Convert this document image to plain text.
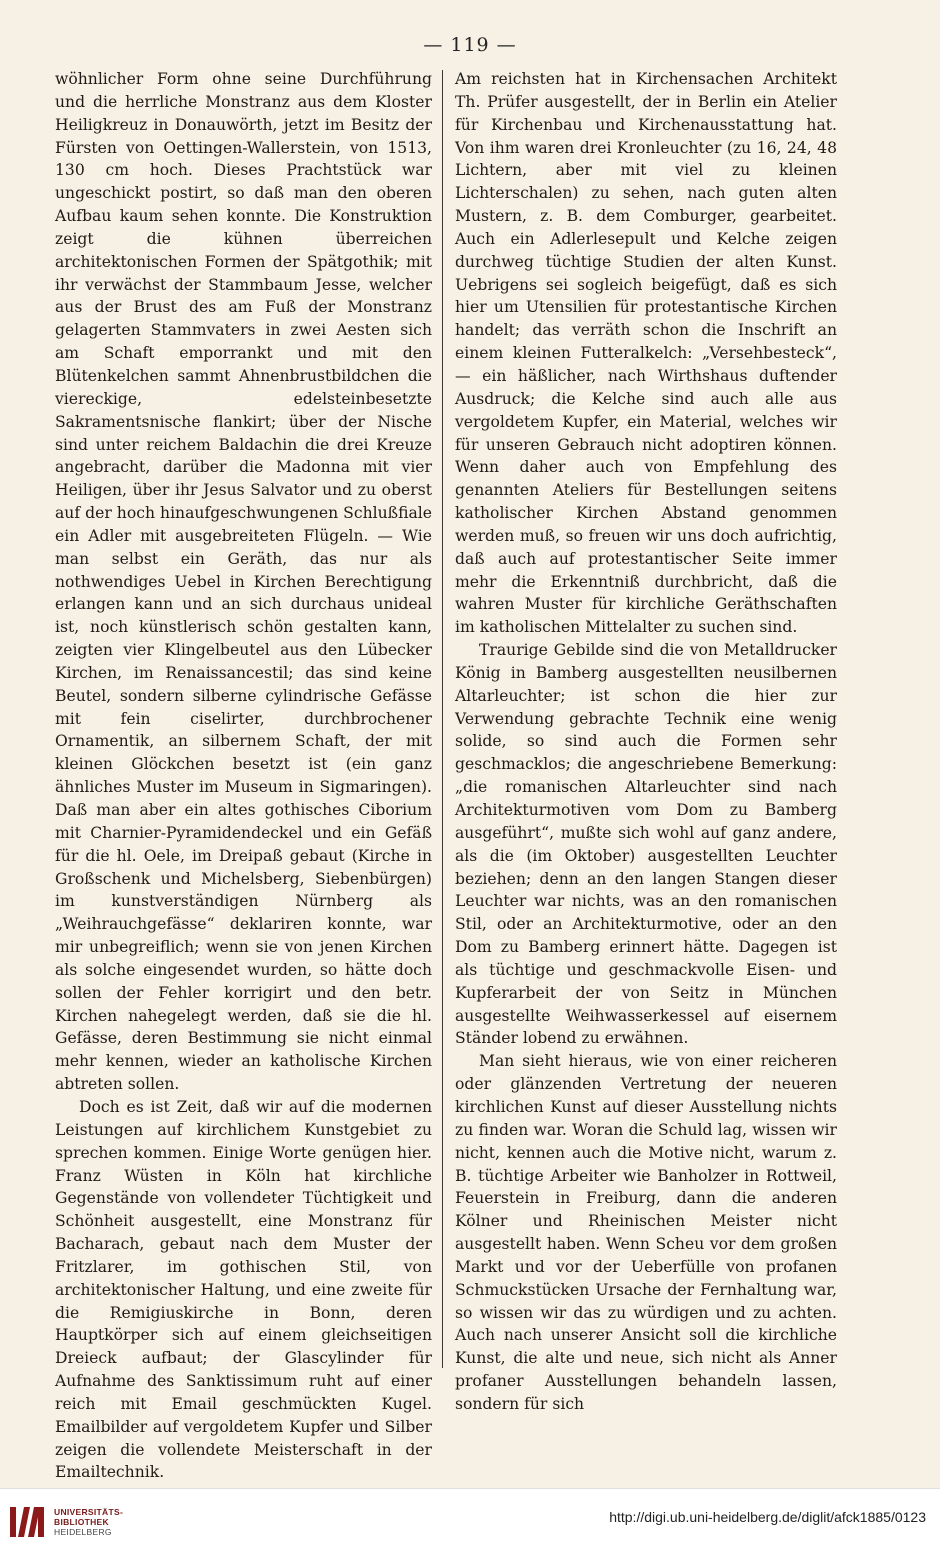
— 119 —

wöhnlicher Form ohne seine Durchführung und die herrliche Monstranz aus dem Kloster Heiligkreuz in Donauwörth, jetzt im Besitz der Fürsten von Oettingen-Wallerstein, von 1513, 130 cm hoch. Dieses Prachtstück war ungeschickt postirt, so daß man den oberen Aufbau kaum sehen konnte. Die Konstruktion zeigt die kühnen überreichen architektonischen Formen der Spätgothik; mit ihr verwächst der Stammbaum Jesse, welcher aus der Brust des am Fuß der Monstranz gelagerten Stammvaters in zwei Aesten sich am Schaft emporrankt und mit den Blütenkelchen sammt Ahnenbrustbildchen die viereckige, edelsteinbesetzte Sakramentsnische flankirt; über der Nische sind unter reichem Baldachin die drei Kreuze angebracht, darüber die Madonna mit vier Heiligen, über ihr Jesus Salvator und zu oberst auf der hoch hinaufgeschwungenen Schlußfiale ein Adler mit ausgebreiteten Flügeln. — Wie man selbst ein Geräth, das nur als nothwendiges Uebel in Kirchen Berechtigung erlangen kann und an sich durchaus unideal ist, noch künstlerisch schön gestalten kann, zeigten vier Klingelbeutel aus den Lübecker Kirchen, im Renaissancestil; das sind keine Beutel, sondern silberne cylindrische Gefässe mit fein ciselirter, durchbrochener Ornamentik, an silbernem Schaft, der mit kleinen Glöckchen besetzt ist (ein ganz ähnliches Muster im Museum in Sigmaringen). Daß man aber ein altes gothisches Ciborium mit Charnier-Pyramidendeckel und ein Gefäß für die hl. Oele, im Dreipaß gebaut (Kirche in Großschenk und Michelsberg, Siebenbürgen) im kunstverständigen Nürnberg als „Weihrauchgefässe“ deklariren konnte, war mir unbegreiflich; wenn sie von jenen Kirchen als solche eingesendet wurden, so hätte doch sollen der Fehler korrigirt und den betr. Kirchen nahegelegt werden, daß sie die hl. Gefässe, deren Bestimmung sie nicht einmal mehr kennen, wieder an katholische Kirchen abtreten sollen.

Doch es ist Zeit, daß wir auf die modernen Leistungen auf kirchlichem Kunstgebiet zu sprechen kommen. Einige Worte genügen hier. Franz Wüsten in Köln hat kirchliche Gegenstände von vollendeter Tüchtigkeit und Schönheit ausgestellt, eine Monstranz für Bacharach, gebaut nach dem Muster der Fritzlarer, im gothischen Stil, von architektonischer Haltung, und eine zweite für die Remigiuskirche in Bonn, deren Hauptkörper sich auf einem gleichseitigen Dreieck aufbaut; der Glascylinder für Aufnahme des Sanktissimum ruht auf einer reich mit Email geschmückten Kugel. Emailbilder auf vergoldetem Kupfer und Silber zeigen die vollendete Meisterschaft in der Emailtechnik.

Am reichsten hat in Kirchensachen Architekt Th. Prüfer ausgestellt, der in Berlin ein Atelier für Kirchenbau und Kirchenausstattung hat. Von ihm waren drei Kronleuchter (zu 16, 24, 48 Lichtern, aber mit viel zu kleinen Lichterschalen) zu sehen, nach guten alten Mustern, z. B. dem Comburger, gearbeitet. Auch ein Adlerlesepult und Kelche zeigen durchweg tüchtige Studien der alten Kunst. Uebrigens sei sogleich beigefügt, daß es sich hier um Utensilien für protestantische Kirchen handelt; das verräth schon die Inschrift an einem kleinen Futteralkelch: „Versehbesteck“, — ein häßlicher, nach Wirthshaus duftender Ausdruck; die Kelche sind auch alle aus vergoldetem Kupfer, ein Material, welches wir für unseren Gebrauch nicht adoptiren können. Wenn daher auch von Empfehlung des genannten Ateliers für Bestellungen seitens katholischer Kirchen Abstand genommen werden muß, so freuen wir uns doch aufrichtig, daß auch auf protestantischer Seite immer mehr die Erkenntniß durchbricht, daß die wahren Muster für kirchliche Geräthschaften im katholischen Mittelalter zu suchen sind.

Traurige Gebilde sind die von Metalldrucker König in Bamberg ausgestellten neusilbernen Altarleuchter; ist schon die hier zur Verwendung gebrachte Technik eine wenig solide, so sind auch die Formen sehr geschmacklos; die angeschriebene Bemerkung: „die romanischen Altarleuchter sind nach Architekturmotiven vom Dom zu Bamberg ausgeführt“, mußte sich wohl auf ganz andere, als die (im Oktober) ausgestellten Leuchter beziehen; denn an den langen Stangen dieser Leuchter war nichts, was an den romanischen Stil, oder an Architekturmotive, oder an den Dom zu Bamberg erinnert hätte. Dagegen ist als tüchtige und geschmackvolle Eisen- und Kupferarbeit der von Seitz in München ausgestellte Weihwasserkessel auf eisernem Ständer lobend zu erwähnen.

Man sieht hieraus, wie von einer reicheren oder glänzenden Vertretung der neueren kirchlichen Kunst auf dieser Ausstellung nichts zu finden war. Woran die Schuld lag, wissen wir nicht, kennen auch die Motive nicht, warum z. B. tüchtige Arbeiter wie Banholzer in Rottweil, Feuerstein in Freiburg, dann die anderen Kölner und Rheinischen Meister nicht ausgestellt haben. Wenn Scheu vor dem großen Markt und vor der Ueberfülle von profanen Schmuckstücken Ursache der Fernhaltung war, so wissen wir das zu würdigen und zu achten. Auch nach unserer Ansicht soll die kirchliche Kunst, die alte und neue, sich nicht als Anner profaner Ausstellungen behandeln lassen, sondern für sich

UNIVERSITÄTS-
BIBLIOTHEK
HEIDELBERG
http://digi.ub.uni-heidelberg.de/diglit/afck1885/0123
